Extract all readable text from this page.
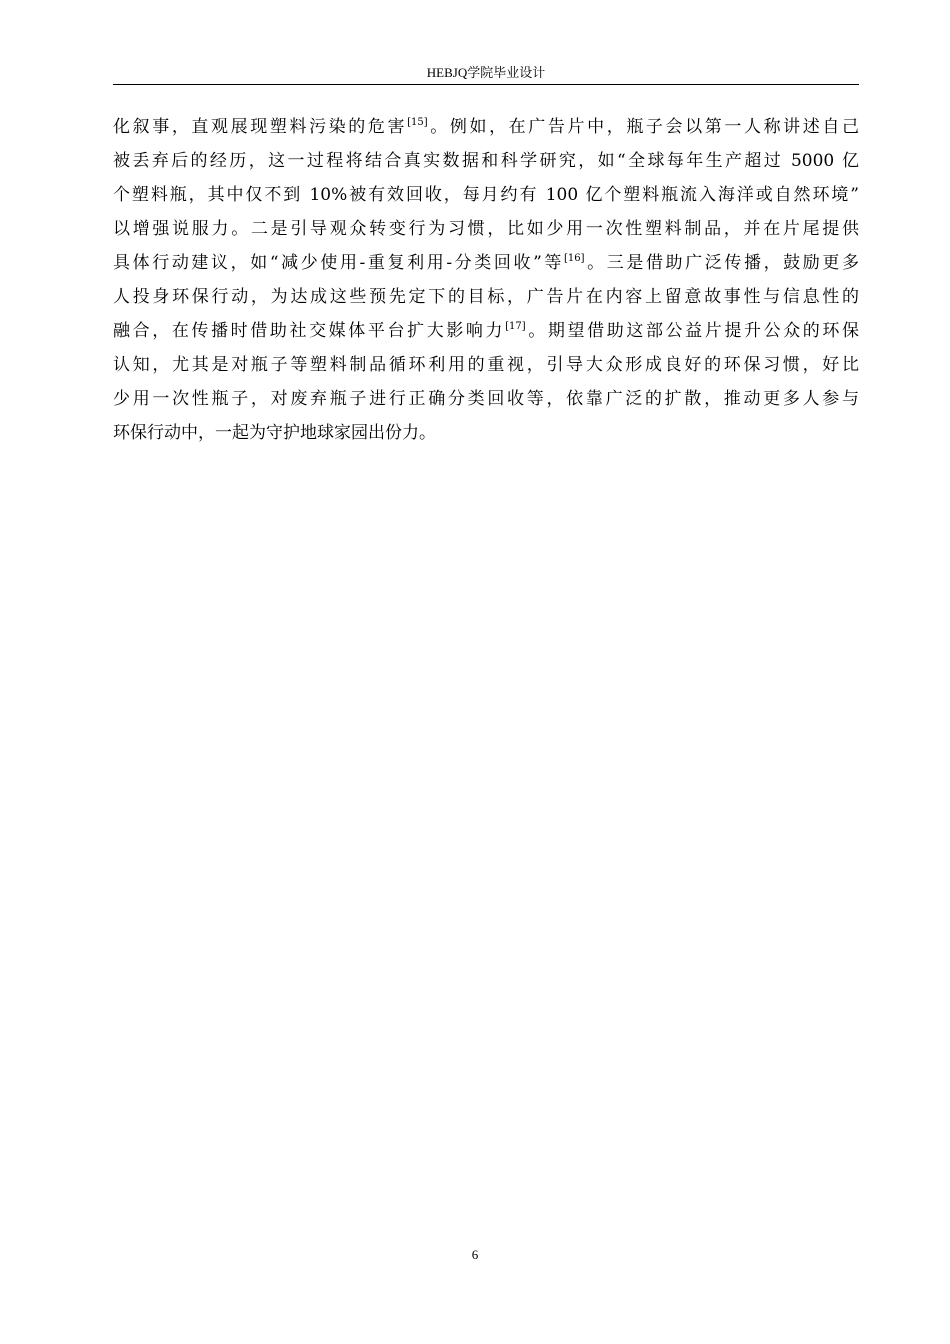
HEBJQ学院毕业设计
化叙事，直观展现塑料污染的危害[15]。例如，在广告片中，瓶子会以第一人称讲述自己
被丢弃后的经历，这一过程将结合真实数据和科学研究，如“全球每年生产超过 5000 亿
个塑料瓶，其中仅不到 10%被有效回收，每月约有 100 亿个塑料瓶流入海洋或自然环境”
以增强说服力。二是引导观众转变行为习惯，比如少用一次性塑料制品，并在片尾提供
具体行动建议，如“减少使用-重复利用-分类回收”等[16]。三是借助广泛传播，鼓励更多
人投身环保行动，为达成这些预先定下的目标，广告片在内容上留意故事性与信息性的
融合，在传播时借助社交媒体平台扩大影响力[17]。期望借助这部公益片提升公众的环保
认知，尤其是对瓶子等塑料制品循环利用的重视，引导大众形成良好的环保习惯，好比
少用一次性瓶子，对废弃瓶子进行正确分类回收等，依靠广泛的扩散，推动更多人参与
环保行动中，一起为守护地球家园出份力。
6
